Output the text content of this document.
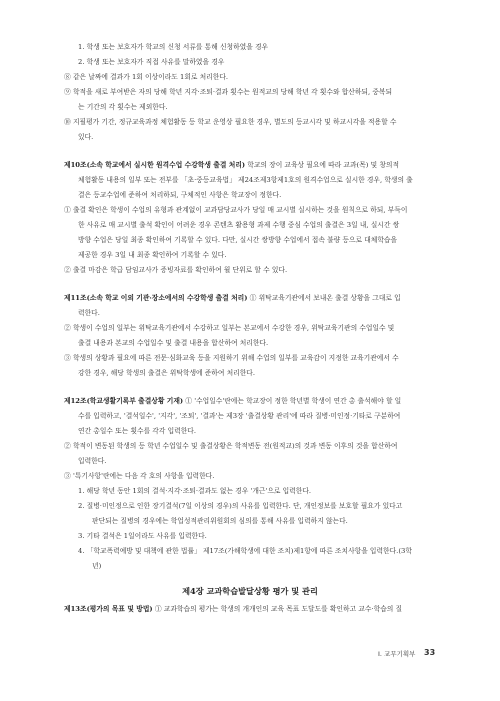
1. 학생 또는 보호자가 학교의 신청 서류를 통해 신청하였을 경우
2. 학생 또는 보호자가 직접 사유를 말하였을 경우
⑧ 같은 날짜에 결과가 1회 이상이라도 1회로 처리한다.
⑨ 학적을 새로 부여받은 자의 당해 학년 지각·조퇴·결과 횟수는 원적교의 당해 학년 각 횟수와 합산하되, 중복되
는 기간의 각 횟수는 제외한다.
⑩ 지필평가 기간, 정규교육과정 체험활동 등 학교 운영상 필요한 경우, 별도의 등교시각 및 하교시각을 적용할 수
있다.
제10조(소속 학교에서 실시한 원격수업 수강학생 출결 처리) 학교의 장이 교육상 필요에 따라 교과(목) 및 창의적
체험활동 내용의 일부 또는 전부를 「초·중등교육법」 제24조제3항제1호의 원격수업으로 실시한 경우, 학생의 출
결은 등교수업에 준하여 처리하되, 구체적인 사항은 학교장이 정한다.
① 출결 확인은 학생이 수업의 유형과 관계없이 교과담당교사가 당일 매 교시별 실시하는 것을 원칙으로 하되, 부득이
한 사유로 매 교시별 출석 확인이 어려운 경우 콘텐츠 활용형 과제 수행 중심 수업의 출결은 3일 내, 실시간 쌍
방향 수업은 당일 최종 확인하여 기록할 수 있다. 다만, 실시간 쌍방향 수업에서 접속 불량 등으로 대체학습을
제공한 경우 3일 내 최종 확인하여 기록할 수 있다.
② 출결 마감은 학급 담임교사가 증빙자료를 확인하여 월 단위로 할 수 있다.
제11조(소속 학교 이외 기관·장소에서의 수강학생 출결 처리) ① 위탁교육기관에서 보내온 출결 상황을 그대로 입
력한다.
② 학생이 수업의 일부는 위탁교육기관에서 수강하고 일부는 본교에서 수강한 경우, 위탁교육기관의 수업일수 및
출결 내용과 본교의 수업일수 및 출결 내용을 합산하여 처리한다.
③ 학생의 상황과 필요에 따른 전문·심화교육 등을 지원하기 위해 수업의 일부를 교육감이 지정한 교육기관에서 수
강한 경우, 해당 학생의 출결은 위탁학생에 준하여 처리한다.
제12조(학교생활기록부 출결상황 기재) ① '수업일수'란에는 학교장이 정한 학년별 학생이 연간 총 출석해야 할 일
수를 입력하고, '결석일수', '지각', '조퇴', '결과'는 제3장 '출결상황 관리'에 따라 질병·미인정·기타로 구분하여
연간 총일수 또는 횟수를 각각 입력한다.
② 학적이 변동된 학생의 등 학년 수업일수 및 출결상황은 학적변동 전(원적교)의 것과 변동 이후의 것을 합산하여
입력한다.
③ '특기사항'란에는 다음 각 호의 사항을 입력한다.
1. 해당 학년 동안 1회의 결석·지각·조퇴·결과도 없는 경우 '개근'으로 입력한다.
2. 질병·미인정으로 인한 장기결석(7일 이상의 경우)의 사유를 입력한다. 단, 개인정보를 보호할 필요가 있다고
판단되는 질병의 경우에는 학업성적관리위원회의 심의를 통해 사유를 입력하지 않는다.
3. 기타 결석은 1일이라도 사유를 입력한다.
4. 「학교폭력예방 및 대책에 관한 법률」 제17조(가해학생에 대한 조치)제1항에 따른 조치사항을 입력한다.(3학
년)
제4장 교과학습발달상황 평가 및 관리
제13조(평가의 목표 및 방법) ① 교과학습의 평가는 학생의 개개인의 교육 목표 도달도를 확인하고 교수·학습의 질
Ⅰ. 교무기획부 33
